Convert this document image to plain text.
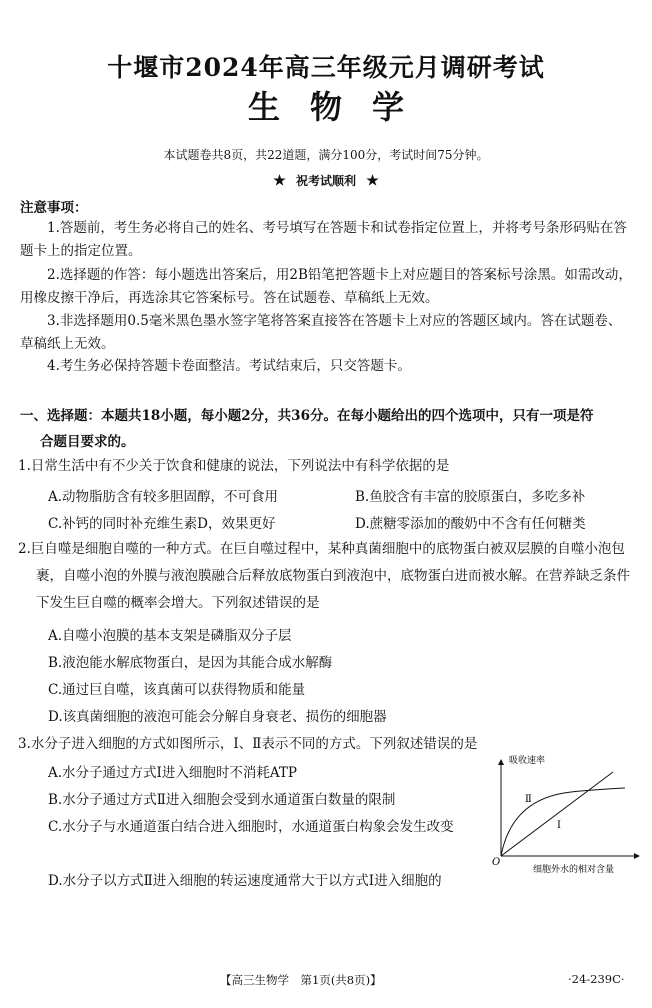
十堰市2024年高三年级元月调研考试
生物学
本试题卷共8页，共22道题，满分100分，考试时间75分钟。
★ 祝考试顺利 ★
注意事项：
1.答题前，考生务必将自己的姓名、考号填写在答题卡和试卷指定位置上，并将考号条形码贴在答题卡上的指定位置。
2.选择题的作答：每小题选出答案后，用2B铅笔把答题卡上对应题目的答案标号涂黑。如需改动，用橡皮擦干净后，再选涂其它答案标号。答在试题卷、草稿纸上无效。
3.非选择题用0.5毫米黑色墨水签字笔将答案直接答在答题卡上对应的答题区域内。答在试题卷、草稿纸上无效。
4.考生务必保持答题卡卷面整洁。考试结束后，只交答题卡。
一、选择题：本题共18小题，每小题2分，共36分。在每小题给出的四个选项中，只有一项是符
合题目要求的。
1.日常生活中有不少关于饮食和健康的说法，下列说法中有科学依据的是
A.动物脂肪含有较多胆固醇，不可食用	B.鱼胶含有丰富的胶原蛋白，多吃多补
C.补钙的同时补充维生素D，效果更好	D.蔗糖零添加的酸奶中不含有任何糖类
2.巨自噬是细胞自噬的一种方式。在巨自噬过程中，某种真菌细胞中的底物蛋白被双层膜的自噬小泡包裹，自噬小泡的外膜与液泡膜融合后释放底物蛋白到液泡中，底物蛋白进而被水解。在营养缺乏条件下发生巨自噬的概率会增大。下列叙述错误的是
A.自噬小泡膜的基本支架是磷脂双分子层
B.液泡能水解底物蛋白，是因为其能合成水解酶
C.通过巨自噬，该真菌可以获得物质和能量
D.该真菌细胞的液泡可能会分解自身衰老、损伤的细胞器
3.水分子进入细胞的方式如图所示，Ⅰ、Ⅱ表示不同的方式。下列叙述错误的是
A.水分子通过方式Ⅰ进入细胞时不消耗ATP
B.水分子通过方式Ⅱ进入细胞会受到水通道蛋白数量的限制
C.水分子与水通道蛋白结合进入细胞时，水通道蛋白构象会发生改变
D.水分子以方式Ⅱ进入细胞的转运速度通常大于以方式Ⅰ进入细胞的
吸收速率
细胞外水的相对含量
O
Ⅱ
Ⅰ
【高三生物学　第1页(共8页)】	·24-239C·
